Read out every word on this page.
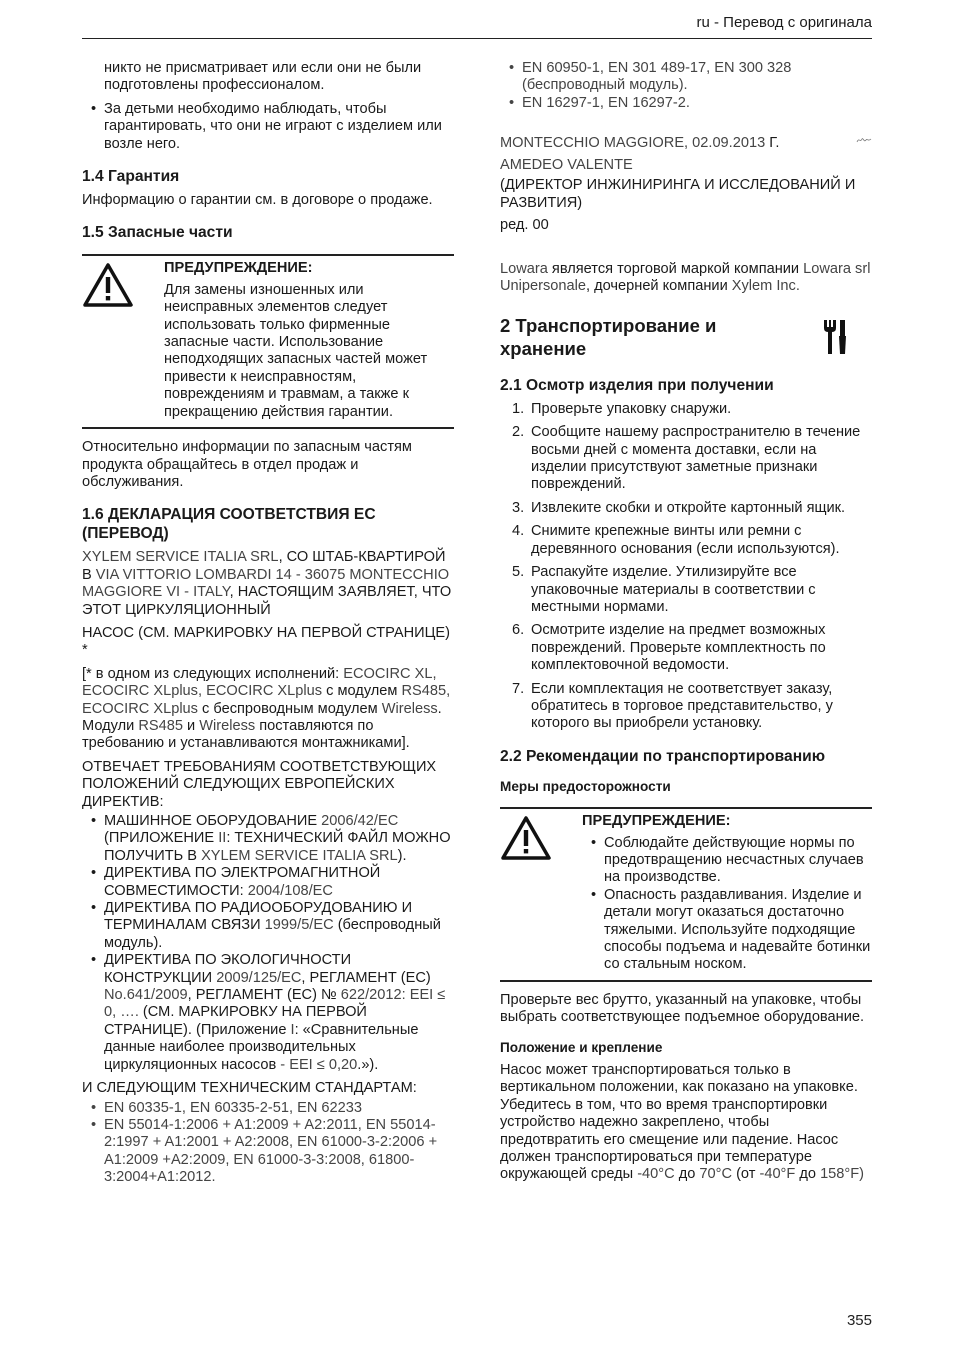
ru - Перевод с оригинала

никто не присматривает или если они не были подготовлены профессионалом.

• За детьми необходимо наблюдать, чтобы гарантировать, что они не играют с изделием или возле него.
1.4 Гарантия

Информацию о гарантии см. в договоре о продаже.

1.5 Запасные части
ПРЕДУПРЕЖДЕНИЕ:
Для замены изношенных или неисправных элементов следует использовать только фирменные запасные части. Использование неподходящих запасных частей может привести к неисправностям, повреждениям и травмам, а также к прекращению действия гарантии.

Относительно информации по запасным частям продукта обращайтесь в отдел продаж и обслуживания.

1.6 ДЕКЛАРАЦИЯ СООТВЕТСТВИЯ ЕС (ПЕРЕВОД)

XYLEM SERVICE ITALIA SRL, СО ШТАБ-КВАРТИРОЙ В VIA VITTORIO LOMBARDI 14 - 36075 MONTECCHIO MAGGIORE VI - ITALY, НАСТОЯЩИМ ЗАЯВЛЯЕТ, ЧТО ЭТОТ ЦИРКУЛЯЦИОННЫЙ

НАСОС (СМ. МАРКИРОВКУ НА ПЕРВОЙ СТРАНИЦЕ) *

[* в одном из следующих исполнений: ECOCIRC XL, ECOCIRC XLplus, ECOCIRC XLplus с модулем RS485, ECOCIRC XLplus с беспроводным модулем Wireless. Модули RS485 и Wireless поставляются по требованию и устанавливаются монтажниками].

ОТВЕЧАЕТ ТРЕБОВАНИЯМ СООТВЕТСТВУЮЩИХ ПОЛОЖЕНИЙ СЛЕДУЮЩИХ ЕВРОПЕЙСКИХ ДИРЕКТИВ:

• МАШИННОЕ ОБОРУДОВАНИЕ 2006/42/EC (ПРИЛОЖЕНИЕ II: ТЕХНИЧЕСКИЙ ФАЙЛ МОЖНО ПОЛУЧИТЬ В XYLEM SERVICE ITALIA SRL).
• ДИРЕКТИВА ПО ЭЛЕКТРОМАГНИТНОЙ СОВМЕСТИМОСТИ: 2004/108/EC
• ДИРЕКТИВА ПО РАДИООБОРУДОВАНИЮ И ТЕРМИНАЛАМ СВЯЗИ 1999/5/EC (беспроводный модуль).
• ДИРЕКТИВА ПО ЭКОЛОГИЧНОСТИ КОНСТРУКЦИИ 2009/125/EC, РЕГЛАМЕНТ (ЕС) No.641/2009, РЕГЛАМЕНТ (ЕС) № 622/2012: EEI ≤ 0, …. (СМ. МАРКИРОВКУ НА ПЕРВОЙ СТРАНИЦЕ). (Приложение I: «Сравнительные данные наиболее производительных циркуляционных насосов - EEI ≤ 0,20.»).

И СЛЕДУЮЩИМ ТЕХНИЧЕСКИМ СТАНДАРТАМ:

• EN 60335-1, EN 60335-2-51, EN 62233
• EN 55014-1:2006 + A1:2009 + A2:2011, EN 55014-2:1997 + A1:2001 + A2:2008, EN 61000-3-2:2006 + A1:2009 +A2:2009, EN 61000-3-3:2008, 61800-3:2004+A1:2012.
• EN 60950-1, EN 301 489-17, EN 300 328 (беспроводный модуль).
• EN 16297-1, EN 16297-2.
MONTECCHIO MAGGIORE, 02.09.2013 Г.
AMEDEO VALENTE
(ДИРЕКТОР ИНЖИНИРИНГА И ИССЛЕДОВАНИЙ И РАЗВИТИЯ)
ред. 00

Lowara является торговой маркой компании Lowara srl Unipersonale, дочерней компании Xylem Inc.

2 Транспортирование и хранение
2.1 Осмотр изделия при получении
1. Проверьте упаковку снаружи.
2. Сообщите нашему распространителю в течение восьми дней с момента доставки, если на изделии присутствуют заметные признаки повреждений.
3. Извлеките скобки и откройте картонный ящик.
4. Снимите крепежные винты или ремни с деревянного основания (если используются).
5. Распакуйте изделие. Утилизируйте все упаковочные материалы в соответствии с местными нормами.
6. Осмотрите изделие на предмет возможных повреждений. Проверьте комплектность по комплектовочной ведомости.
7. Если комплектация не соответствует заказу, обратитесь в торговое представительство, у которого вы приобрели установку.
2.2 Рекомендации по транспортированию
Меры предосторожности
ПРЕДУПРЕЖДЕНИЕ:
• Соблюдайте действующие нормы по предотвращению несчастных случаев на производстве.
• Опасность раздавливания. Изделие и детали могут оказаться достаточно тяжелыми. Используйте подходящие способы подъема и надевайте ботинки со стальным носком.

Проверьте вес брутто, указанный на упаковке, чтобы выбрать соответствующее подъемное оборудование.

Положение и крепление

Насос может транспортироваться только в вертикальном положении, как показано на упаковке. Убедитесь в том, что во время транспортировки устройство надежно закреплено, чтобы предотвратить его смещение или падение. Насос должен транспортироваться при температуре окружающей среды -40°C до 70°C (от -40°F до 158°F)

355
